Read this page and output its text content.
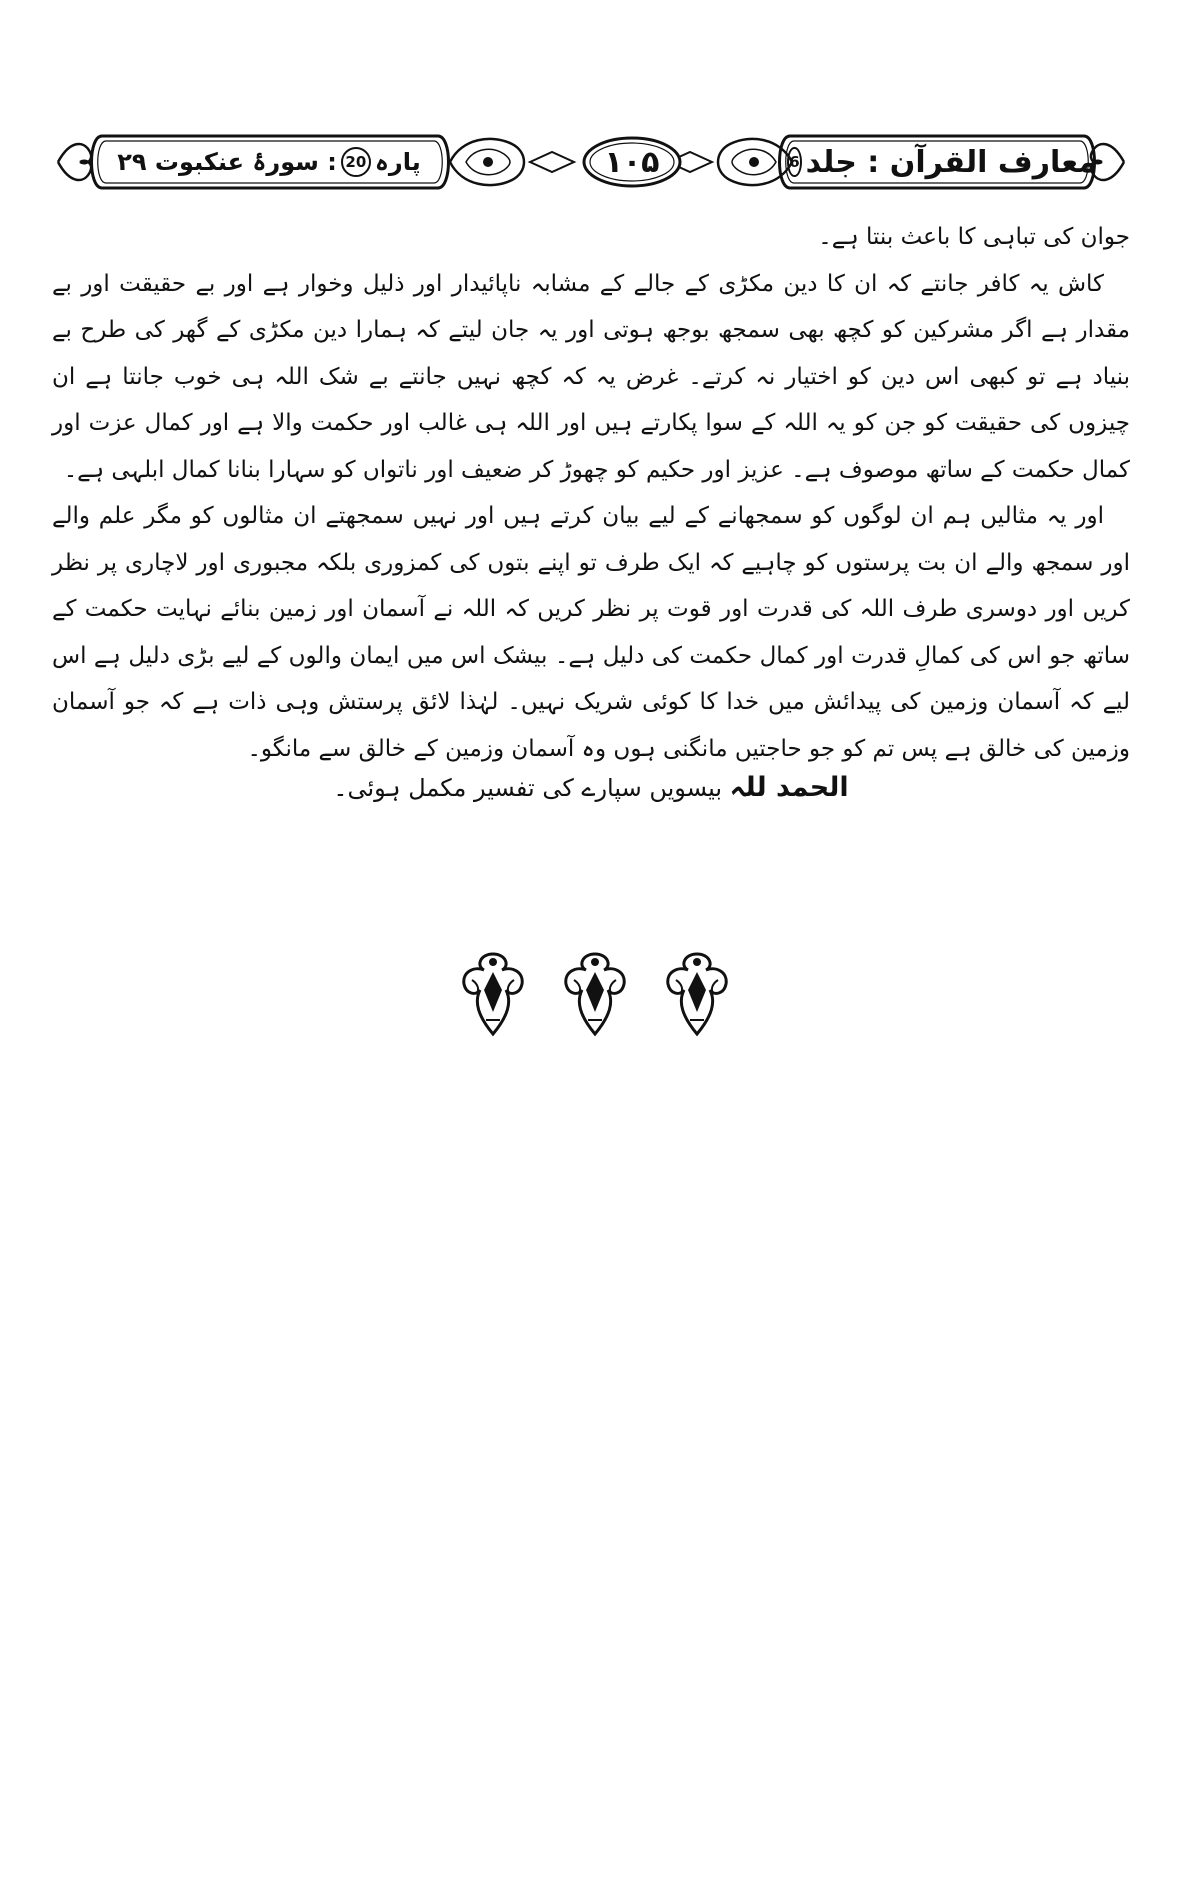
معارف القرآن : جلد
6
۱۰۵
پارہ
20
: سورۂ عنکبوت ۲۹

جوان کی تباہی کا باعث بنتا ہے۔

کاش یہ کافر جانتے کہ ان کا دین مکڑی کے جالے کے مشابہ ناپائیدار اور ذلیل وخوار ہے اور بے حقیقت اور بے مقدار ہے اگر مشرکین کو کچھ بھی سمجھ بوجھ ہوتی اور یہ جان لیتے کہ ہمارا دین مکڑی کے گھر کی طرح بے بنیاد ہے تو کبھی اس دین کو اختیار نہ کرتے۔ غرض یہ کہ کچھ نہیں جانتے بے شک اللہ ہی خوب جانتا ہے ان چیزوں کی حقیقت کو جن کو یہ اللہ کے سوا پکارتے ہیں اور اللہ ہی غالب اور حکمت والا ہے اور کمال عزت اور کمال حکمت کے ساتھ موصوف ہے۔ عزیز اور حکیم کو چھوڑ کر ضعیف اور ناتواں کو سہارا بنانا کمال ابلہی ہے۔

اور یہ مثالیں ہم ان لوگوں کو سمجھانے کے لیے بیان کرتے ہیں اور نہیں سمجھتے ان مثالوں کو مگر علم والے اور سمجھ والے ان بت پرستوں کو چاہیے کہ ایک طرف تو اپنے بتوں کی کمزوری بلکہ مجبوری اور لاچاری پر نظر کریں اور دوسری طرف اللہ کی قدرت اور قوت پر نظر کریں کہ اللہ نے آسمان اور زمین بنائے نہایت حکمت کے ساتھ جو اس کی کمالِ قدرت اور کمال حکمت کی دلیل ہے۔ بیشک اس میں ایمان والوں کے لیے بڑی دلیل ہے اس لیے کہ آسمان وزمین کی پیدائش میں خدا کا کوئی شریک نہیں۔ لہٰذا لائق پرستش وہی ذات ہے کہ جو آسمان وزمین کی خالق ہے پس تم کو جو حاجتیں مانگنی ہوں وہ آسمان وزمین کے خالق سے مانگو۔

الحمد للہ بیسویں سپارے کی تفسیر مکمل ہوئی۔
